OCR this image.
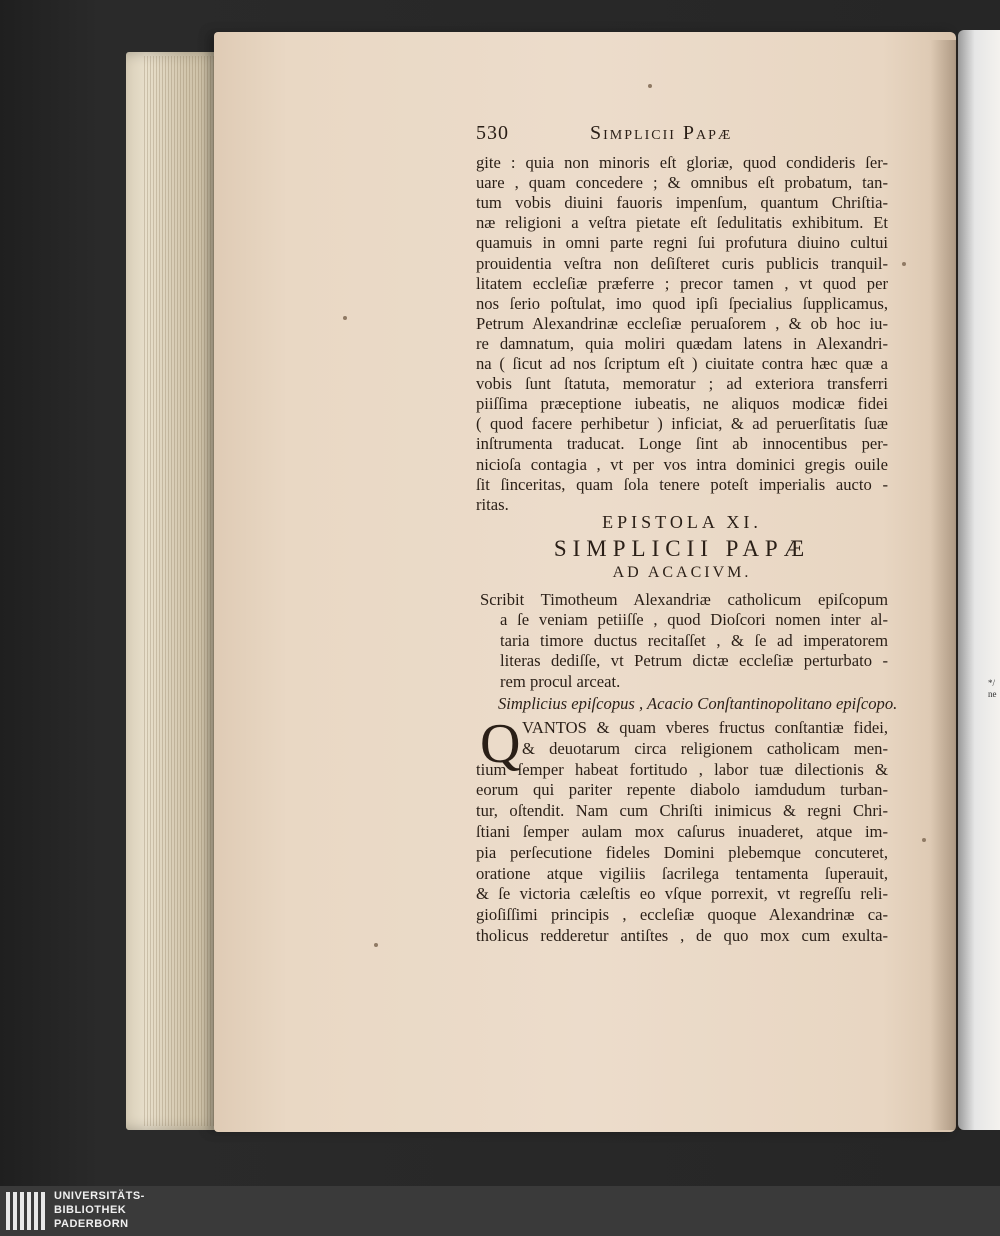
*/
ne
530	Simplicii Papæ
gite : quia non minoris eſt gloriæ, quod condideris ſer-
uare , quam concedere ; & omnibus eſt probatum, tan-
tum vobis diuini fauoris impenſum, quantum Chriſtia-
næ religioni a veſtra pietate eſt ſedulitatis exhibitum. Et
quamuis in omni parte regni ſui profutura diuino cultui
prouidentia veſtra non deſiſteret curis publicis tranquil-
litatem eccleſiæ præferre ; precor tamen , vt quod per
nos ſerio poſtulat, imo quod ipſi ſpecialius ſupplicamus,
Petrum Alexandrinæ eccleſiæ peruaſorem , & ob hoc iu-
re damnatum, quia moliri quædam latens in Alexandri-
na ( ſicut ad nos ſcriptum eſt ) ciuitate contra hæc quæ a
vobis ſunt ſtatuta, memoratur ; ad exteriora transferri
piiſſima præceptione iubeatis, ne aliquos modicæ fidei
( quod facere perhibetur ) inficiat, & ad peruerſitatis ſuæ
inſtrumenta traducat. Longe ſint ab innocentibus per-
nicioſa contagia , vt per vos intra dominici gregis ouile
ſit ſinceritas, quam ſola tenere poteſt imperialis aucto -
ritas.
EPISTOLA XI.
SIMPLICII PAPÆ
AD ACACIVM.
Scribit Timotheum Alexandriæ catholicum epiſcopum
a ſe veniam petiiſſe , quod Dioſcori nomen inter al-
taria timore ductus recitaſſet , & ſe ad imperatorem
literas dediſſe, vt Petrum dictæ eccleſiæ perturbato -
rem procul arceat.
Simplicius epiſcopus , Acacio Conſtantinopolitano epiſcopo.
Q VANTOS & quam vberes fructus conſtantiæ fidei,
& deuotarum circa religionem catholicam men-
tium ſemper habeat fortitudo , labor tuæ dilectionis &
eorum qui pariter repente diabolo iamdudum turban-
tur, oſtendit. Nam cum Chriſti inimicus & regni Chri-
ſtiani ſemper aulam mox caſurus inuaderet, atque im-
pia perſecutione fideles Domini plebemque concuteret,
oratione atque vigiliis ſacrilega tentamenta ſuperauit,
& ſe victoria cæleſtis eo vſque porrexit, vt regreſſu reli-
gioſiſſimi principis , eccleſiæ quoque Alexandrinæ ca-
tholicus redderetur antiſtes , de quo mox cum exulta-
UNIVERSITÄTS-
BIBLIOTHEK
PADERBORN
